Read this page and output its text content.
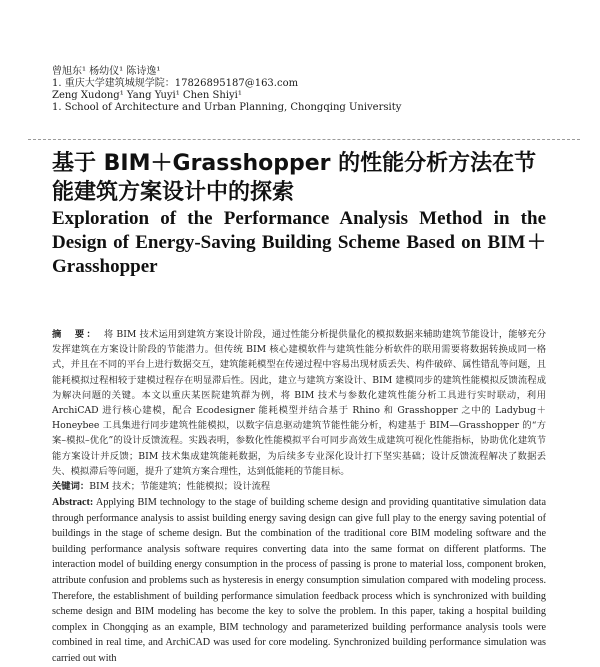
曾旭东¹ 杨幼仪¹ 陈诗逸¹
1. 重庆大学建筑城规学院：17826895187@163.com
Zeng Xudong¹ Yang Yuyi¹ Chen Shiyi¹
1. School of Architecture and Urban Planning, Chongqing University
基于 BIM＋Grasshopper 的性能分析方法在节能建筑方案设计中的探索
Exploration of the Performance Analysis Method in the Design of Energy-Saving Building Scheme Based on BIM＋Grasshopper
摘　要： 将 BIM 技术运用到建筑方案设计阶段，通过性能分析提供量化的模拟数据来辅助建筑节能设计，能够充分发挥建筑在方案设计阶段的节能潜力。但传统 BIM 核心建模软件与建筑性能分析软件的联用需要将数据转换成同一格式，并且在不同的平台上进行数据交互，建筑能耗模型在传递过程中容易出现材质丢失、构件破碎、属性错乱等问题，且能耗模拟过程相较于建模过程存在明显滞后性。因此，建立与建筑方案设计、BIM 建模同步的建筑性能模拟反馈流程成为解决问题的关键。本文以重庆某医院建筑群为例，将 BIM 技术与参数化建筑性能分析工具进行实时联动，利用 ArchiCAD 进行核心建模，配合 Ecodesigner 能耗模型并结合基于 Rhino 和 Grasshopper 之中的 Ladybug＋Honeybee 工具集进行同步建筑性能模拟，以数字信息驱动建筑节能性能分析，构建基于 BIM—Grasshopper 的“方案–模拟–优化”的设计反馈流程。实践表明，参数化性能模拟平台可同步高效生成建筑可视化性能指标，协助优化建筑节能方案设计并反馈；BIM 技术集成建筑能耗数据，为后续多专业深化设计打下坚实基础；设计反馈流程解决了数据丢失、模拟滞后等问题，提升了建筑方案合理性，达到低能耗的节能目标。
关键词：BIM 技术；节能建筑；性能模拟；设计流程
Abstract: Applying BIM technology to the stage of building scheme design and providing quantitative simulation data through performance analysis to assist building energy saving design can give full play to the energy saving potential of buildings in the stage of scheme design. But the combination of the traditional core BIM modeling software and the building performance analysis software requires converting data into the same format on different platforms. The interaction model of building energy consumption in the process of passing is prone to material loss, component broken, attribute confusion and problems such as hysteresis in energy consumption simulation compared with modeling process. Therefore, the establishment of building performance simulation feedback process which is synchronized with building scheme design and BIM modeling has become the key to solve the problem. In this paper, taking a hospital building complex in Chongqing as an example, BIM technology and parameterized building performance analysis tools were combined in real time, and ArchiCAD was used for core modeling. Synchronized building performance simulation was carried out with
